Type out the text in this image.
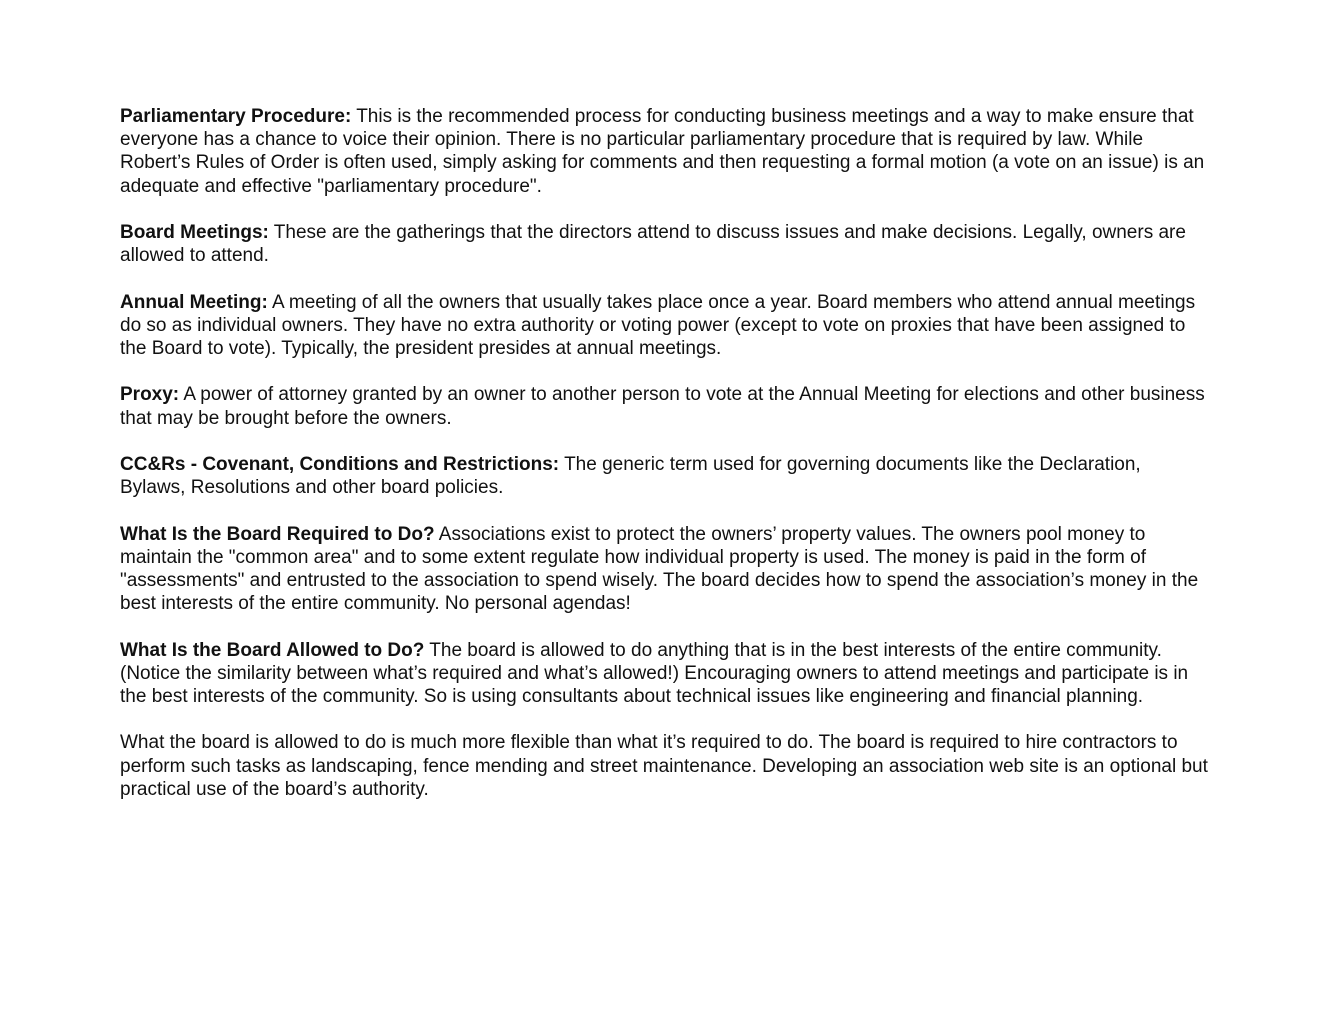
Parliamentary Procedure: This is the recommended process for conducting business meetings and a way to make ensure that everyone has a chance to voice their opinion. There is no particular parliamentary procedure that is required by law. While Robert’s Rules of Order is often used, simply asking for comments and then requesting a formal motion (a vote on an issue) is an adequate and effective "parliamentary procedure".

Board Meetings: These are the gatherings that the directors attend to discuss issues and make decisions. Legally, owners are allowed to attend.

Annual Meeting: A meeting of all the owners that usually takes place once a year. Board members who attend annual meetings do so as individual owners. They have no extra authority or voting power (except to vote on proxies that have been assigned to the Board to vote). Typically, the president presides at annual meetings.

Proxy: A power of attorney granted by an owner to another person to vote at the Annual Meeting for elections and other business that may be brought before the owners.

CC&Rs - Covenant, Conditions and Restrictions: The generic term used for governing documents like the Declaration, Bylaws, Resolutions and other board policies.

What Is the Board Required to Do? Associations exist to protect the owners’ property values. The owners pool money to maintain the "common area" and to some extent regulate how individual property is used. The money is paid in the form of "assessments" and entrusted to the association to spend wisely. The board decides how to spend the association’s money in the best interests of the entire community. No personal agendas!

What Is the Board Allowed to Do? The board is allowed to do anything that is in the best interests of the entire community. (Notice the similarity between what’s required and what’s allowed!) Encouraging owners to attend meetings and participate is in the best interests of the community. So is using consultants about technical issues like engineering and financial planning.

What the board is allowed to do is much more flexible than what it’s required to do. The board is required to hire contractors to perform such tasks as landscaping, fence mending and street maintenance. Developing an association web site is an optional but practical use of the board’s authority.
